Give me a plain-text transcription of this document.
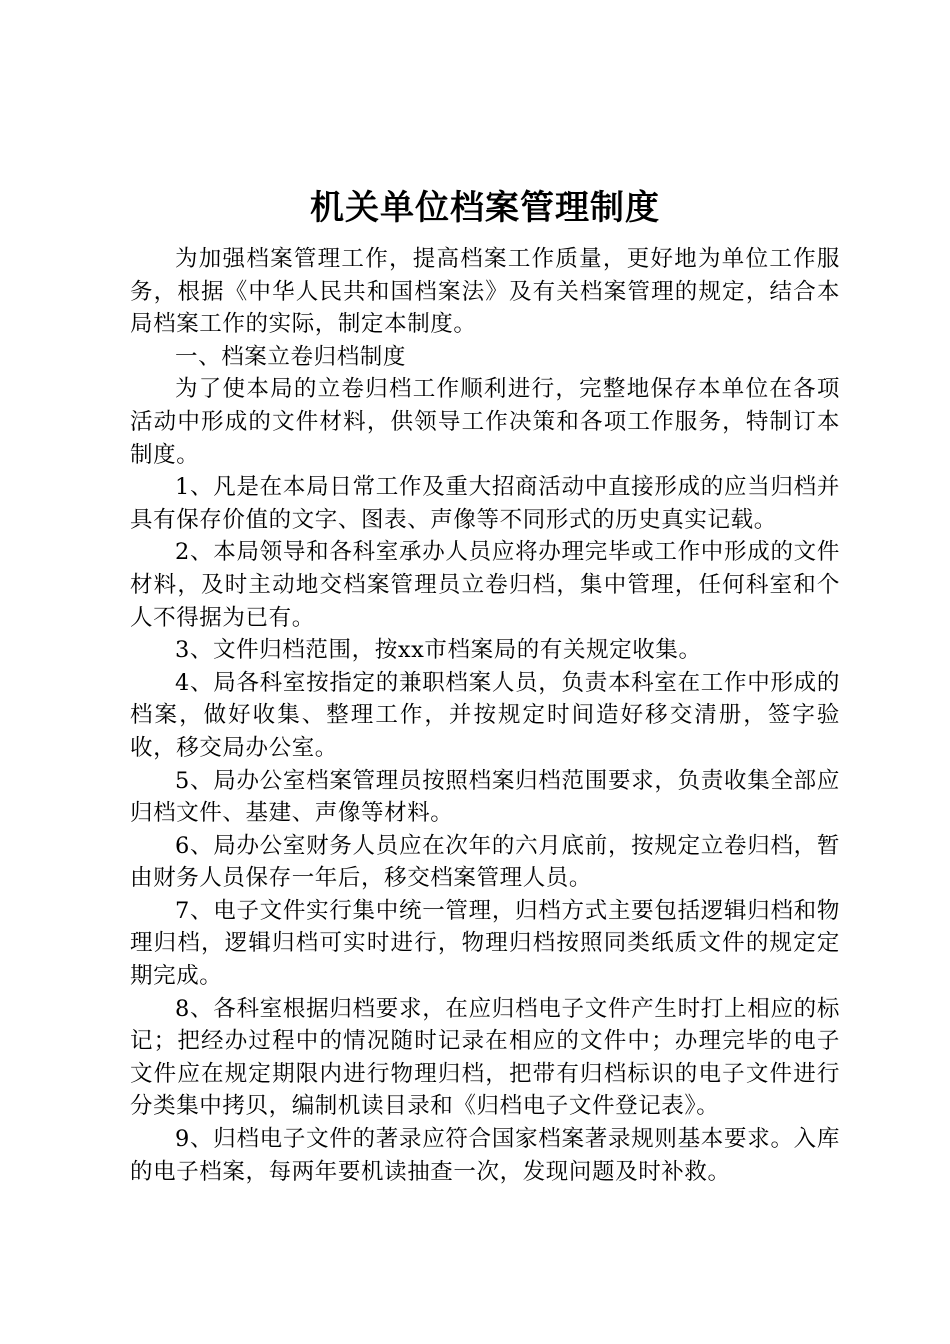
机关单位档案管理制度

为加强档案管理工作，提高档案工作质量，更好地为单位工作服务，根据《中华人民共和国档案法》及有关档案管理的规定，结合本局档案工作的实际，制定本制度。

一、档案立卷归档制度

为了使本局的立卷归档工作顺利进行，完整地保存本单位在各项活动中形成的文件材料，供领导工作决策和各项工作服务，特制订本制度。

1、凡是在本局日常工作及重大招商活动中直接形成的应当归档并具有保存价值的文字、图表、声像等不同形式的历史真实记载。

2、本局领导和各科室承办人员应将办理完毕或工作中形成的文件材料，及时主动地交档案管理员立卷归档，集中管理，任何科室和个人不得据为已有。

3、文件归档范围，按xx市档案局的有关规定收集。

4、局各科室按指定的兼职档案人员，负责本科室在工作中形成的档案，做好收集、整理工作，并按规定时间造好移交清册，签字验收，移交局办公室。

5、局办公室档案管理员按照档案归档范围要求，负责收集全部应归档文件、基建、声像等材料。

6、局办公室财务人员应在次年的六月底前，按规定立卷归档，暂由财务人员保存一年后，移交档案管理人员。

7、电子文件实行集中统一管理，归档方式主要包括逻辑归档和物理归档，逻辑归档可实时进行，物理归档按照同类纸质文件的规定定期完成。

8、各科室根据归档要求，在应归档电子文件产生时打上相应的标记；把经办过程中的情况随时记录在相应的文件中；办理完毕的电子文件应在规定期限内进行物理归档，把带有归档标识的电子文件进行分类集中拷贝，编制机读目录和《归档电子文件登记表》。

9、归档电子文件的著录应符合国家档案著录规则基本要求。入库的电子档案，每两年要机读抽查一次，发现问题及时补救。
